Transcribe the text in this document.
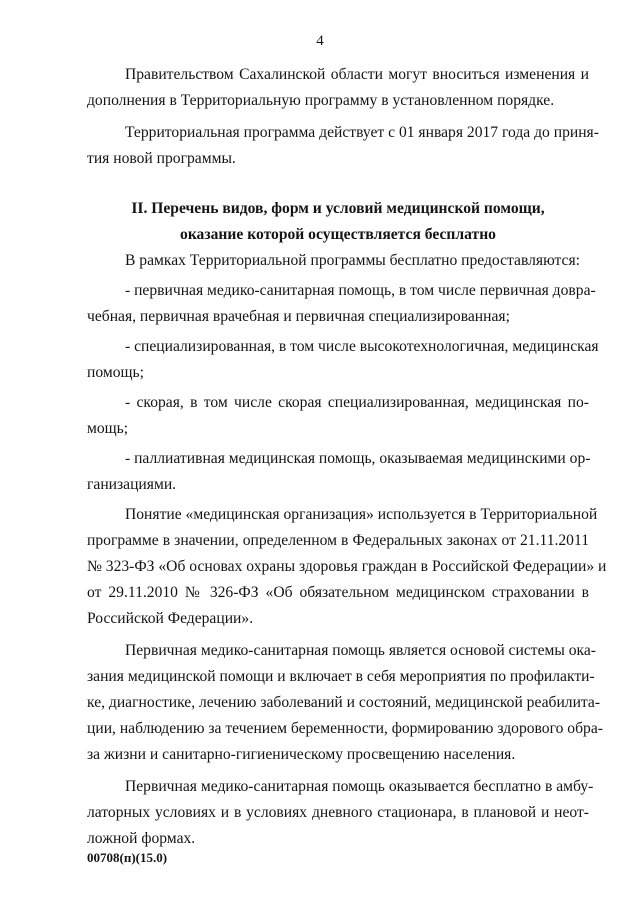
4
Правительством Сахалинской области могут вноситься изменения и
дополнения в Территориальную программу в установленном порядке.
Территориальная программа действует с 01 января 2017 года до приня-
тия новой программы.
II. Перечень видов, форм и условий медицинской помощи,
оказание которой осуществляется бесплатно
В рамках Территориальной программы бесплатно предоставляются:
- первичная медико-санитарная помощь, в том числе первичная довра-
чебная, первичная врачебная и первичная специализированная;
- специализированная, в том числе высокотехнологичная, медицинская
помощь;
- скорая, в том числе скорая специализированная, медицинская по-
мощь;
- паллиативная медицинская помощь, оказываемая медицинскими ор-
ганизациями.
Понятие «медицинская организация» используется в Территориальной
программе в значении, определенном в Федеральных законах от 21.11.2011
№ 323-ФЗ «Об основах охраны здоровья граждан в Российской Федерации» и
от 29.11.2010 № 326-ФЗ «Об обязательном медицинском страховании в
Российской Федерации».
Первичная медико-санитарная помощь является основой системы ока-
зания медицинской помощи и включает в себя мероприятия по профилакти-
ке, диагностике, лечению заболеваний и состояний, медицинской реабилита-
ции, наблюдению за течением беременности, формированию здорового обра-
за жизни и санитарно-гигиеническому просвещению населения.
Первичная медико-санитарная помощь оказывается бесплатно в амбу-
латорных условиях и в условиях дневного стационара, в плановой и неот-
ложной формах.
00708(п)(15.0)
